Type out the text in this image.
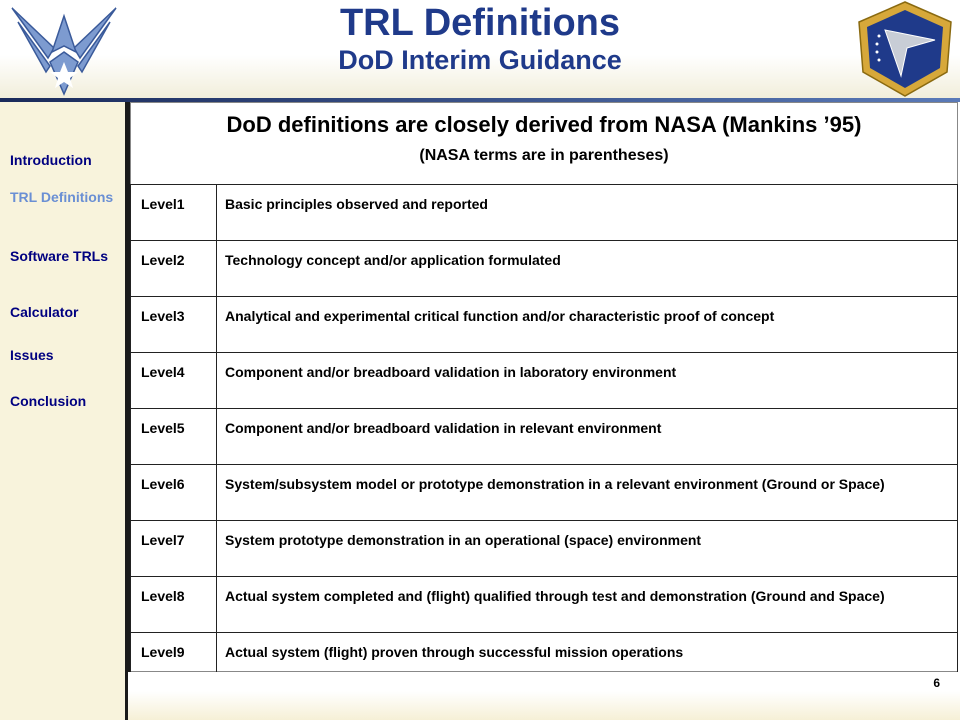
TRL Definitions
DoD Interim Guidance
Introduction
TRL Definitions
Software TRLs
Calculator
Issues
Conclusion
DoD definitions are closely derived from NASA (Mankins ’95)
(NASA terms are in parentheses)
Level1	Basic principles observed and reported
Level2	Technology concept and/or application formulated
Level3	Analytical and experimental critical function and/or characteristic proof of concept
Level4	Component and/or breadboard validation in laboratory environment
Level5	Component and/or breadboard validation in relevant environment
Level6	System/subsystem model or prototype demonstration in a relevant environment (Ground or Space)
Level7	System prototype demonstration in an operational (space) environment
Level8	Actual system completed and (flight) qualified through test and demonstration (Ground and Space)
Level9	Actual system (flight) proven through successful mission operations
6
